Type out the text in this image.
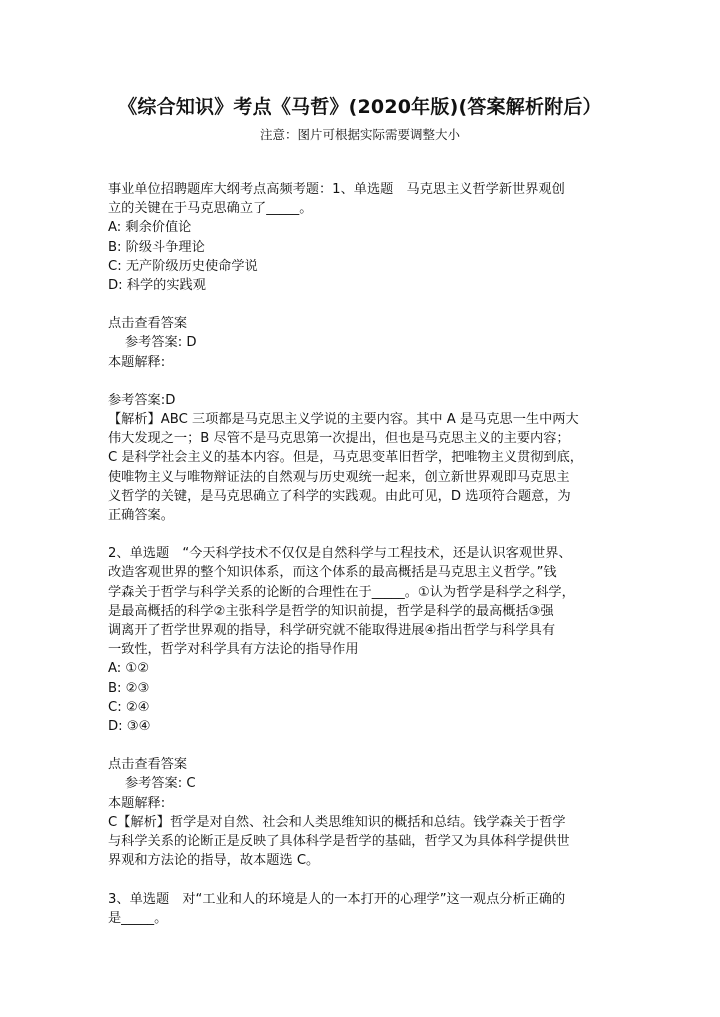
《综合知识》考点《马哲》(2020年版)(答案解析附后）
注意：图片可根据实际需要调整大小

事业单位招聘题库大纲考点高频考题：1、单选题　马克思主义哲学新世界观创

立的关键在于马克思确立了_____。

A: 剩余价值论

B: 阶级斗争理论

C: 无产阶级历史使命学说

D: 科学的实践观

点击查看答案

参考答案: D

本题解释:

参考答案:D

【解析】ABC 三项都是马克思主义学说的主要内容。其中 A 是马克思一生中两大

伟大发现之一；B 尽管不是马克思第一次提出，但也是马克思主义的主要内容；

C 是科学社会主义的基本内容。但是，马克思变革旧哲学，把唯物主义贯彻到底，

使唯物主义与唯物辩证法的自然观与历史观统一起来，创立新世界观即马克思主

义哲学的关键，是马克思确立了科学的实践观。由此可见，D 选项符合题意，为

正确答案。

2、单选题　“今天科学技术不仅仅是自然科学与工程技术，还是认识客观世界、

改造客观世界的整个知识体系，而这个体系的最高概括是马克思主义哲学。”钱

学森关于哲学与科学关系的论断的合理性在于_____。①认为哲学是科学之科学，

是最高概括的科学②主张科学是哲学的知识前提，哲学是科学的最高概括③强

调离开了哲学世界观的指导，科学研究就不能取得进展④指出哲学与科学具有

一致性，哲学对科学具有方法论的指导作用

A: ①②

B: ②③

C: ②④

D: ③④

点击查看答案

参考答案: C

本题解释:

C【解析】哲学是对自然、社会和人类思维知识的概括和总结。钱学森关于哲学

与科学关系的论断正是反映了具体科学是哲学的基础，哲学又为具体科学提供世

界观和方法论的指导，故本题选 C。

3、单选题　对“工业和人的环境是人的一本打开的心理学”这一观点分析正确的

是_____。
